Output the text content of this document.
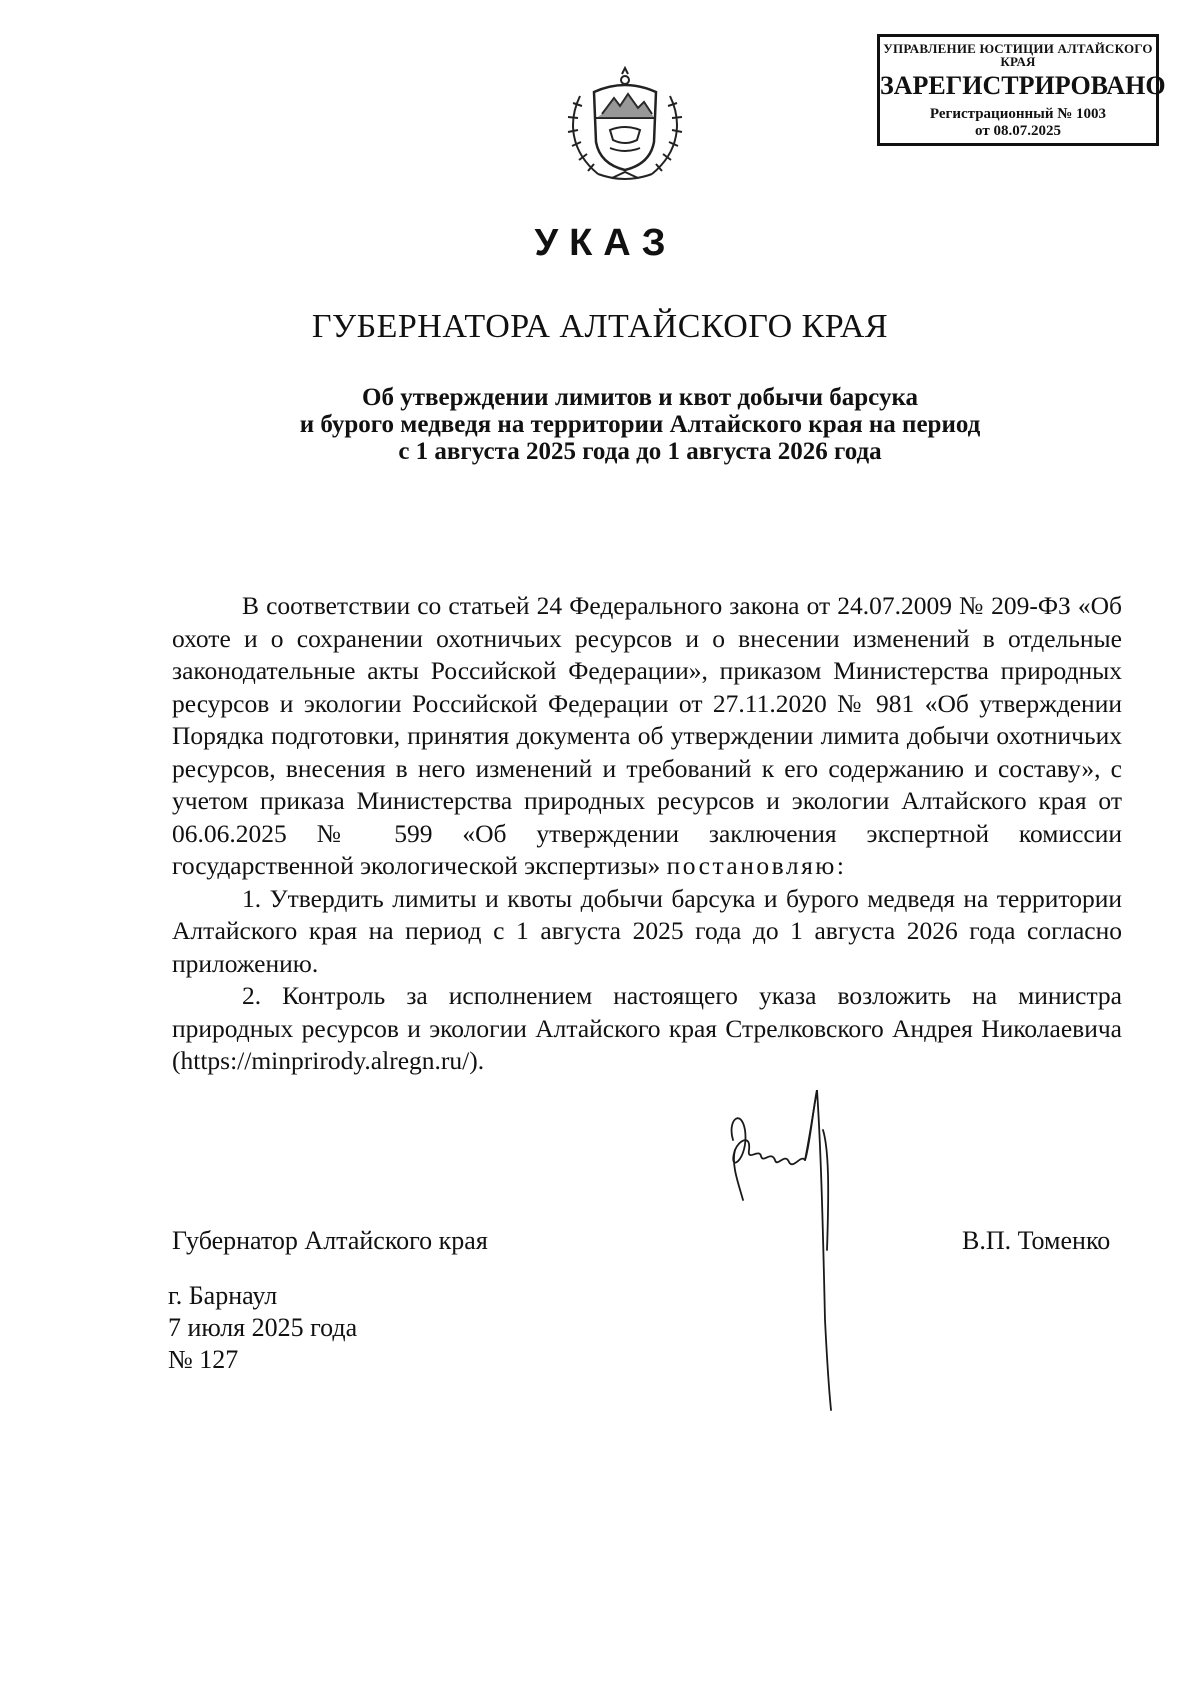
УПРАВЛЕНИЕ ЮСТИЦИИ АЛТАЙСКОГО КРАЯ
ЗАРЕГИСТРИРОВАНО
Регистрационный № 1003
от 08.07.2025
УКАЗ
ГУБЕРНАТОРА АЛТАЙСКОГО КРАЯ
Об утверждении лимитов и квот добычи барсука
и бурого медведя на территории Алтайского края на период
с 1 августа 2025 года до 1 августа 2026 года

В соответствии со статьей 24 Федерального закона от 24.07.2009 № 209-ФЗ «Об охоте и о сохранении охотничьих ресурсов и о внесении изменений в отдельные законодательные акты Российской Федерации», приказом Министерства природных ресурсов и экологии Российской Федерации от 27.11.2020 № 981 «Об утверждении Порядка подготовки, принятия документа об утверждении лимита добычи охотничьих ресурсов, внесения в него изменений и требований к его содержанию и составу», с учетом приказа Министерства природных ресурсов и экологии Алтайского края от 06.06.2025 № 599 «Об утверждении заключения экспертной комиссии государственной экологической экспертизы» постановляю:

1. Утвердить лимиты и квоты добычи барсука и бурого медведя на территории Алтайского края на период с 1 августа 2025 года до 1 августа 2026 года согласно приложению.

2. Контроль за исполнением настоящего указа возложить на министра природных ресурсов и экологии Алтайского края Стрелковского Андрея Николаевича (https://minprirody.alregn.ru/).

Губернатор Алтайского края	В.П. Томенко
г. Барнаул
7 июля 2025 года
№ 127
